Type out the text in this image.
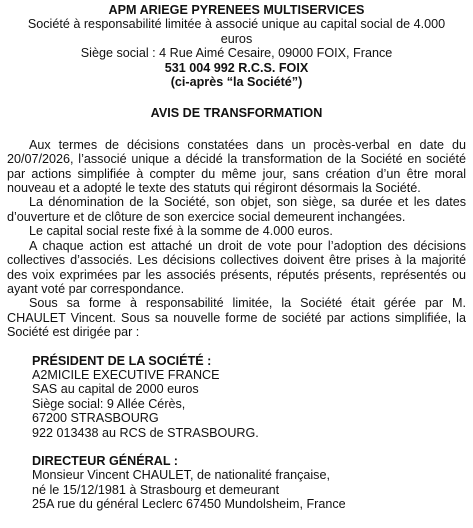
APM ARIEGE PYRENEES MULTISERVICES
Société à responsabilité limitée à associé unique au capital social de 4.000
euros
Siège social : 4 Rue Aimé Cesaire, 09000 FOIX, France
531 004 992 R.C.S. FOIX
(ci-après “la Société”)
AVIS DE TRANSFORMATION
Aux termes de décisions constatées dans un procès-verbal en date du 20/07/2026, l’associé unique a décidé la transformation de la Société en société par actions simplifiée à compter du même jour, sans création d’un être moral nouveau et a adopté le texte des statuts qui régiront désormais la Société.
La dénomination de la Société, son objet, son siège, sa durée et les dates d’ouverture et de clôture de son exercice social demeurent inchangées.
Le capital social reste fixé à la somme de 4.000 euros.
A chaque action est attaché un droit de vote pour l’adoption des décisions collectives d’associés. Les décisions collectives doivent être prises à la majorité des voix exprimées par les associés présents, réputés présents, représentés ou ayant voté par correspondance.
Sous sa forme à responsabilité limitée, la Société était gérée par M. CHAULET Vincent. Sous sa nouvelle forme de société par actions simplifiée, la Société est dirigée par :
PRÉSIDENT DE LA SOCIÉTÉ :
A2MICILE EXECUTIVE FRANCE
SAS au capital de 2000 euros
Siège social: 9 Allée Cérès,
67200 STRASBOURG
922 013438 au RCS de STRASBOURG.
DIRECTEUR GÉNÉRAL :
Monsieur Vincent CHAULET, de nationalité française,
né le 15/12/1981 à Strasbourg et demeurant
25A rue du général Leclerc 67450 Mundolsheim, France
